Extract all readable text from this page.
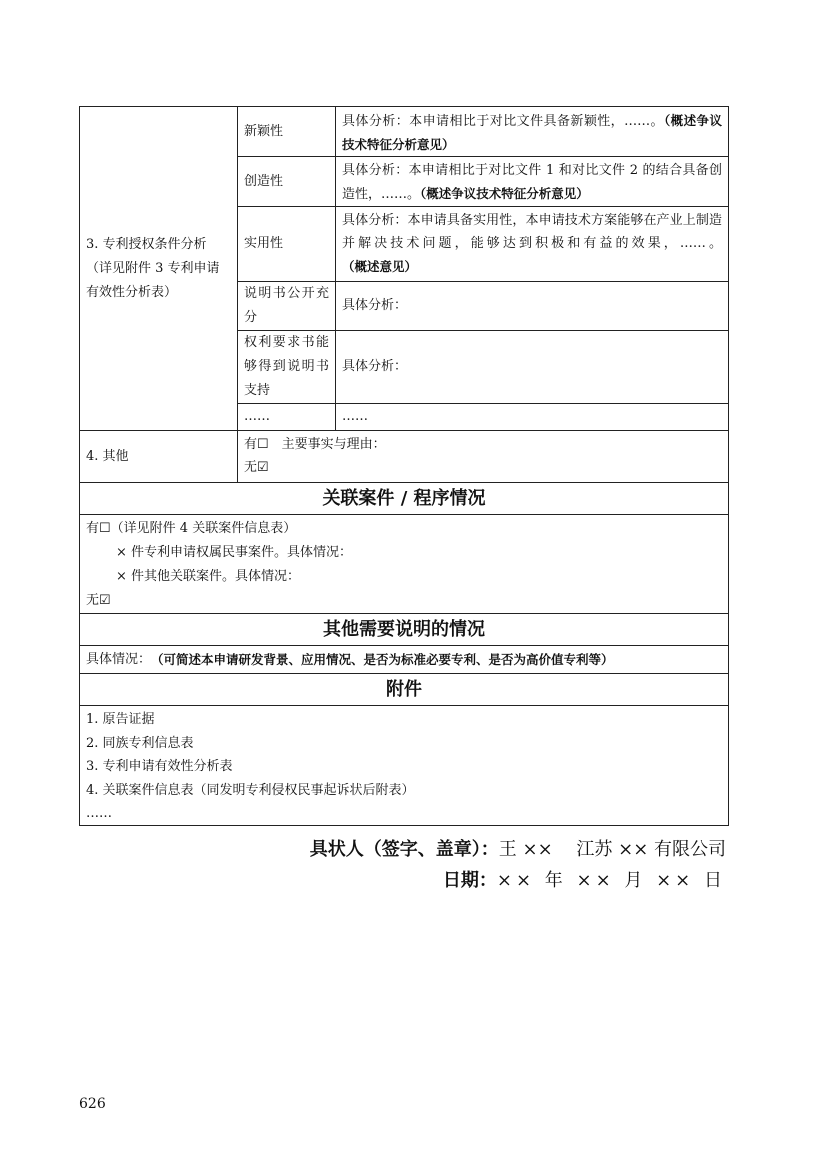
3. 专利授权条件分析（详见附件 3 专利申请有效性分析表）
新颖性
具体分析：本申请相比于对比文件具备新颖性，……。（概述争议技术特征分析意见）
创造性
具体分析：本申请相比于对比文件 1 和对比文件 2 的结合具备创造性，……。（概述争议技术特征分析意见）
实用性
具体分析：本申请具备实用性，本申请技术方案能够在产业上制造并解决技术问题，能够达到积极和有益的效果，……。（概述意见）
说明书公开充分
具体分析：
权利要求书能够得到说明书支持
具体分析：
……	……
4. 其他
有☐　主要事实与理由：
无☑
关联案件 / 程序情况
有☐（详见附件 4 关联案件信息表）
× 件专利申请权属民事案件。具体情况：
× 件其他关联案件。具体情况：
无☑
其他需要说明的情况
具体情况： （可简述本申请研发背景、应用情况、是否为标准必要专利、是否为高价值专利等）
附件
1. 原告证据
2. 同族专利信息表
3. 专利申请有效性分析表
4. 关联案件信息表（同发明专利侵权民事起诉状后附表）
……
具状人（签字、盖章）：王 ×× 　江苏 ×× 有限公司
日期：×× 年 ×× 月 ×× 日
626
